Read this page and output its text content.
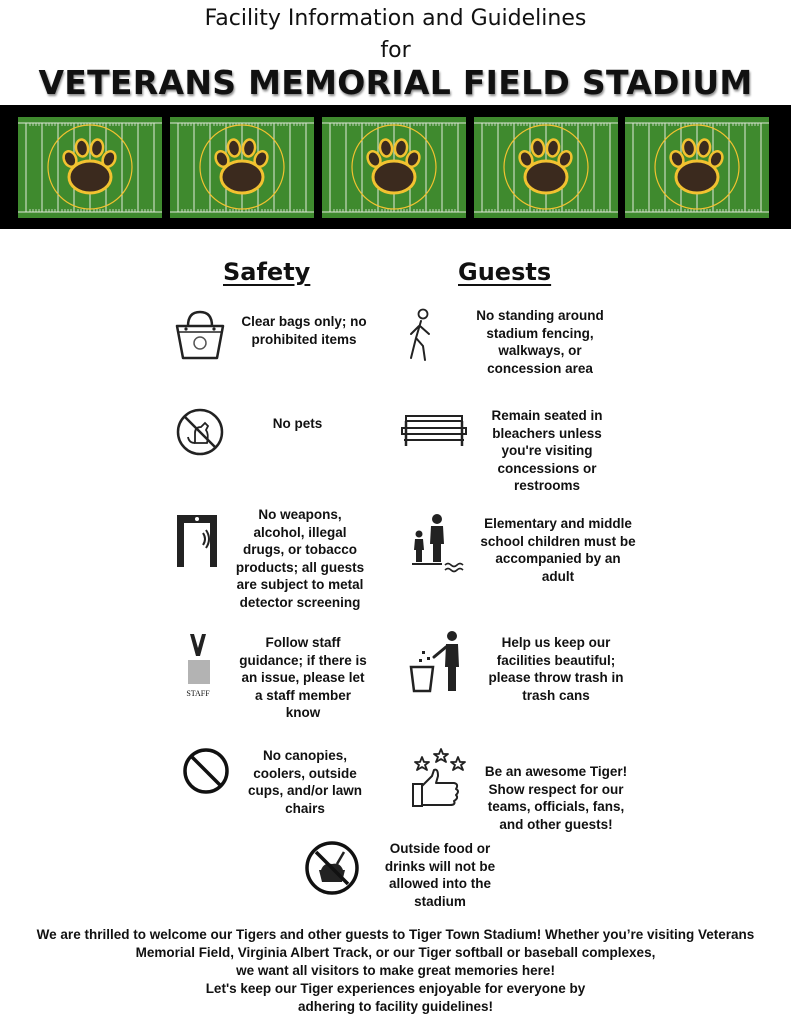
Facility Information and Guidelines
for
VETERANS MEMORIAL FIELD STADIUM
Safety	Guests
Clear bags only; no prohibited items
No pets
No weapons, alcohol, illegal drugs, or tobacco products; all guests are subject to metal detector screening
STAFF
Follow staff guidance; if there is an issue, please let a staff member know
No canopies, coolers, outside cups, and/or lawn chairs
No standing around stadium fencing, walkways, or concession area
Remain seated in bleachers unless you're visiting concessions or restrooms
Elementary and middle school children must be accompanied by an adult
Help us keep our facilities beautiful; please throw trash in trash cans
Be an awesome Tiger! Show respect for our teams, officials, fans, and other guests!
Outside food or drinks will not be allowed into the stadium
We are thrilled to welcome our Tigers and other guests to Tiger Town Stadium! Whether you’re visiting Veterans
Memorial Field, Virginia Albert Track, or our Tiger softball or baseball complexes,
we want all visitors to make great memories here!
Let's keep our Tiger experiences enjoyable for everyone by
adhering to facility guidelines!
